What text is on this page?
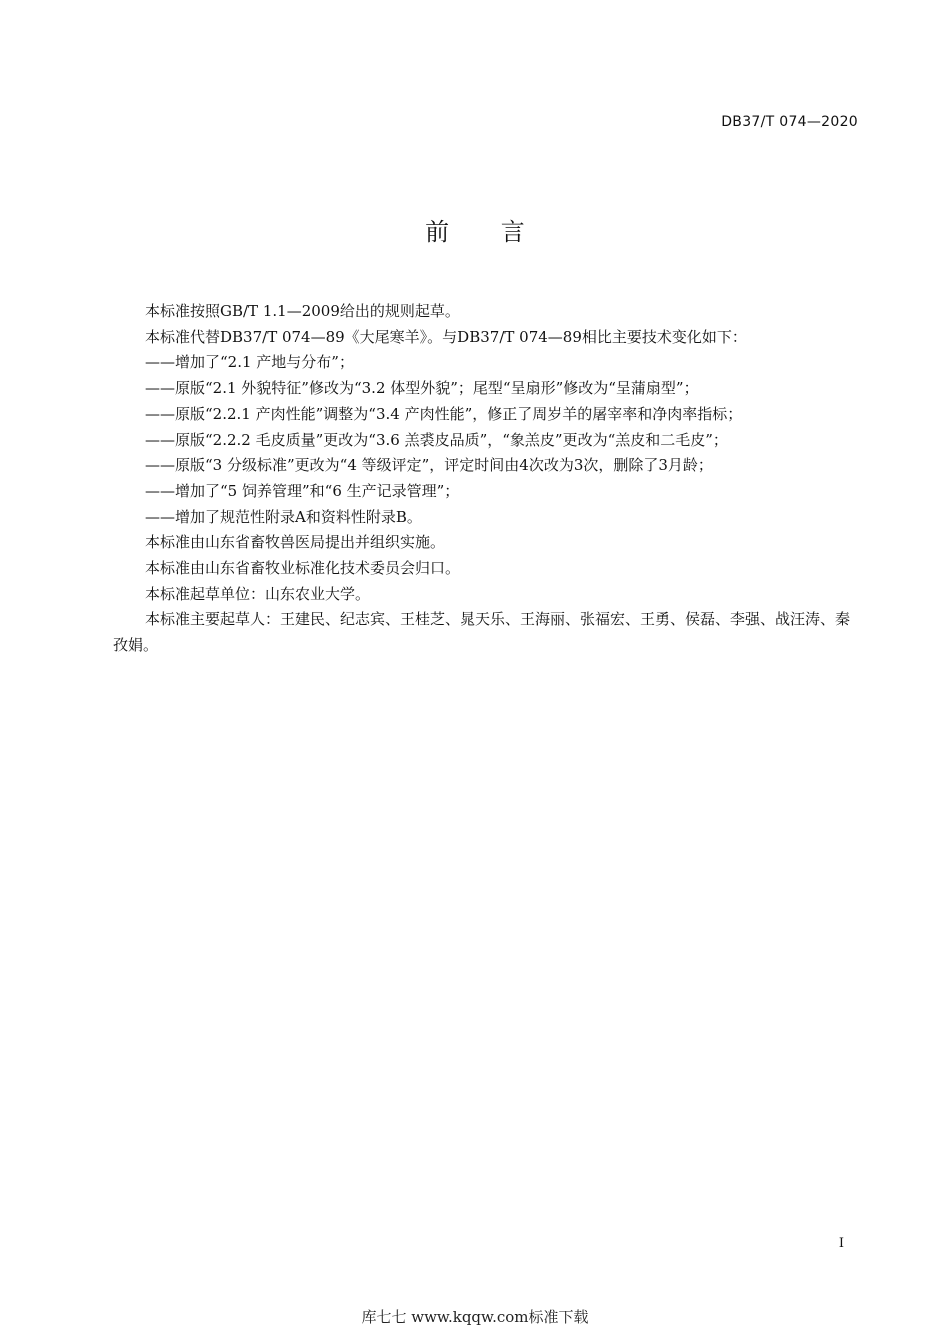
DB37/T 074—2020
前 言

本标准按照GB/T 1.1—2009给出的规则起草。

本标准代替DB37/T 074—89《大尾寒羊》。与DB37/T 074—89相比主要技术变化如下：

——增加了“2.1 产地与分布”；

——原版“2.1 外貌特征”修改为“3.2 体型外貌”；尾型“呈扇形”修改为“呈蒲扇型”；

——原版“2.2.1 产肉性能”调整为“3.4 产肉性能”，修正了周岁羊的屠宰率和净肉率指标；

——原版“2.2.2 毛皮质量”更改为“3.6 羔裘皮品质”，“象羔皮”更改为“羔皮和二毛皮”；

——原版“3 分级标准”更改为“4 等级评定”，评定时间由4次改为3次，删除了3月龄；

——增加了“5 饲养管理”和“6 生产记录管理”；

——增加了规范性附录A和资料性附录B。

本标准由山东省畜牧兽医局提出并组织实施。

本标准由山东省畜牧业标准化技术委员会归口。

本标准起草单位：山东农业大学。

本标准主要起草人：王建民、纪志宾、王桂芝、晁天乐、王海丽、张福宏、王勇、侯磊、李强、战汪涛、秦孜娟。

I
库七七 www.kqqw.com标准下载
